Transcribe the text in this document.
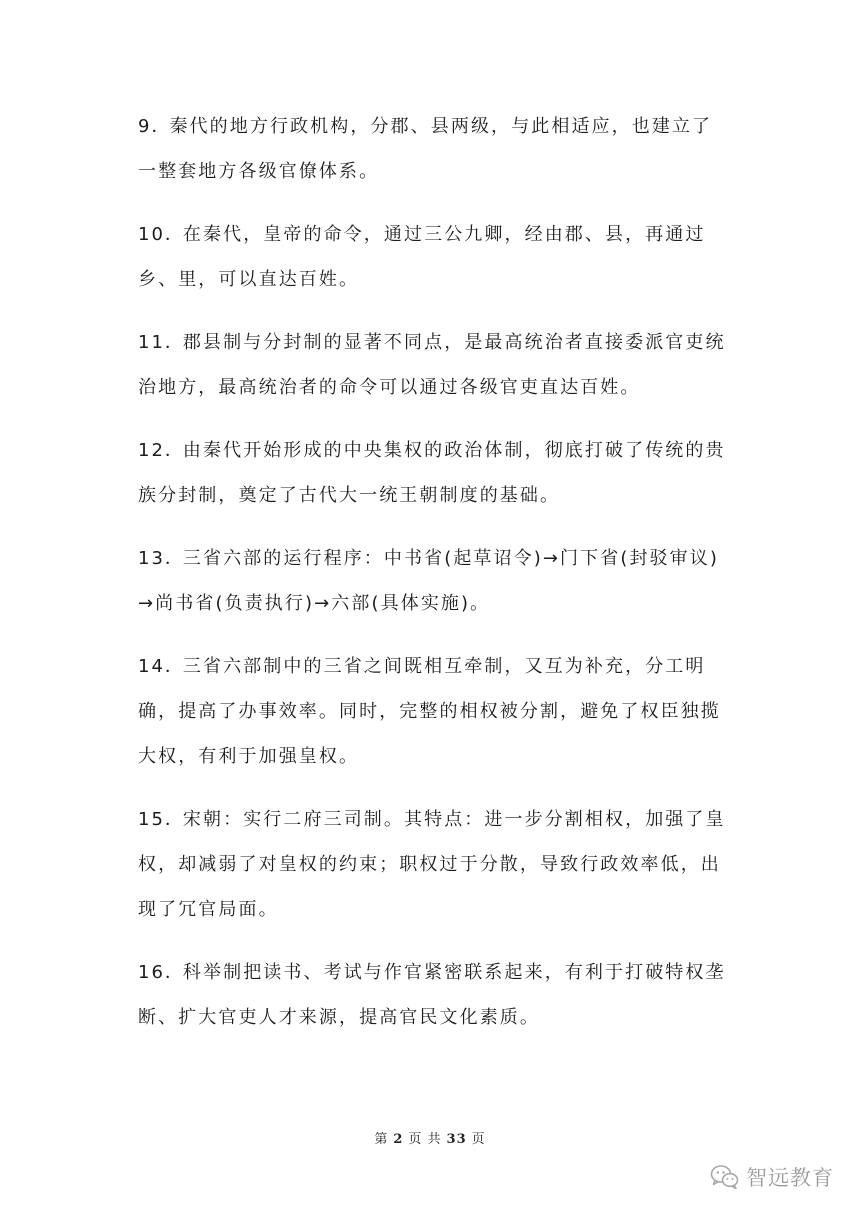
9．秦代的地方行政机构，分郡、县两级，与此相适应，也建立了一整套地方各级官僚体系。

10．在秦代，皇帝的命令，通过三公九卿，经由郡、县，再通过乡、里，可以直达百姓。

11．郡县制与分封制的显著不同点，是最高统治者直接委派官吏统治地方，最高统治者的命令可以通过各级官吏直达百姓。

12．由秦代开始形成的中央集权的政治体制，彻底打破了传统的贵族分封制，奠定了古代大一统王朝制度的基础。

13．三省六部的运行程序：中书省(起草诏令)→门下省(封驳审议)→尚书省(负责执行)→六部(具体实施)。

14．三省六部制中的三省之间既相互牵制，又互为补充，分工明确，提高了办事效率。同时，完整的相权被分割，避免了权臣独揽大权，有利于加强皇权。

15．宋朝：实行二府三司制。其特点：进一步分割相权，加强了皇权，却减弱了对皇权的约束；职权过于分散，导致行政效率低，出现了冗官局面。

16．科举制把读书、考试与作官紧密联系起来，有利于打破特权垄断、扩大官吏人才来源，提高官民文化素质。

第 2 页 共 33 页
智远教育
